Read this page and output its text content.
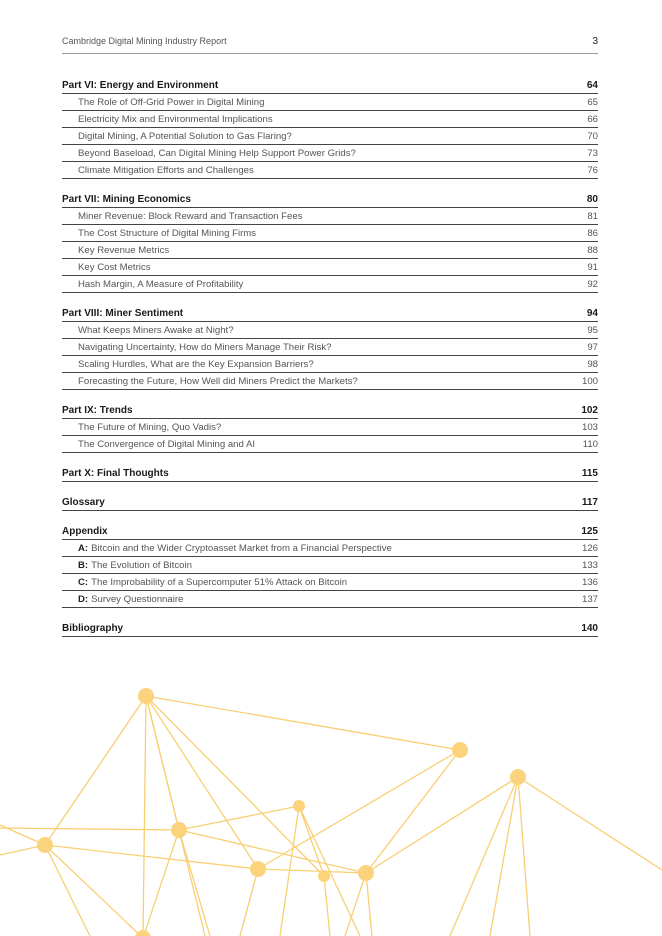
Cambridge Digital Mining Industry Report	3
Part VI: Energy and Environment	64
The Role of Off-Grid Power in Digital Mining	65
Electricity Mix and Environmental Implications	66
Digital Mining, A Potential Solution to Gas Flaring?	70
Beyond Baseload, Can Digital Mining Help Support Power Grids?	73
Climate Mitigation Efforts and Challenges	76
Part VII: Mining Economics	80
Miner Revenue: Block Reward and Transaction Fees	81
The Cost Structure of Digital Mining Firms	86
Key Revenue Metrics	88
Key Cost Metrics	91
Hash Margin, A Measure of Profitability	92
Part VIII: Miner Sentiment	94
What Keeps Miners Awake at Night?	95
Navigating Uncertainty, How do Miners Manage Their Risk?	97
Scaling Hurdles, What are the Key Expansion Barriers?	98
Forecasting the Future, How Well did Miners Predict the Markets?	100
Part IX: Trends	102
The Future of Mining, Quo Vadis?	103
The Convergence of Digital Mining and AI	110
Part X: Final Thoughts	115
Glossary	117
Appendix	125
A: Bitcoin and the Wider Cryptoasset Market from a Financial Perspective	126
B: The Evolution of Bitcoin	133
C: The Improbability of a Supercomputer 51% Attack on Bitcoin	136
D: Survey Questionnaire	137
Bibliography	140
